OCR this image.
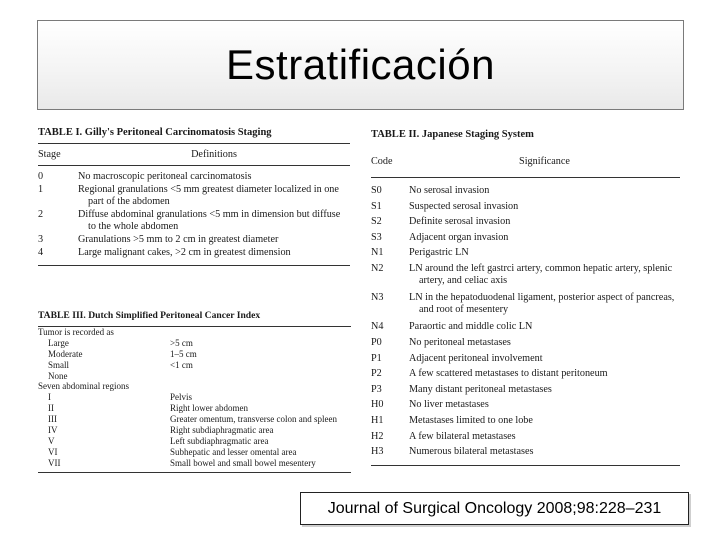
Estratificación
TABLE I. Gilly's Peritoneal Carcinomatosis Staging
Stage	Definitions
0	No macroscopic peritoneal carcinomatosis
1	Regional granulations <5 mm greatest diameter localized in one part of the abdomen
2	Diffuse abdominal granulations <5 mm in dimension but diffuse to the whole abdomen
3	Granulations >5 mm to 2 cm in greatest diameter
4	Large malignant cakes, >2 cm in greatest dimension
TABLE II. Japanese Staging System
Code	Significance
S0	No serosal invasion
S1	Suspected serosal invasion
S2	Definite serosal invasion
S3	Adjacent organ invasion
N1	Perigastric LN
N2	LN around the left gastrci artery, common hepatic artery, splenic artery, and celiac axis
N3	LN in the hepatoduodenal ligament, posterior aspect of pancreas, and root of mesentery
N4	Paraortic and middle colic LN
P0	No peritoneal metastases
P1	Adjacent peritoneal involvement
P2	A few scattered metastases to distant peritoneum
P3	Many distant peritoneal metastases
H0	No liver metastases
H1	Metastases limited to one lobe
H2	A few bilateral metastases
H3	Numerous bilateral metastases
TABLE III. Dutch Simplified Peritoneal Cancer Index
Tumor is recorded as
Large	>5 cm
Moderate	1–5 cm
Small	<1 cm
None
Seven abdominal regions
I	Pelvis
II	Right lower abdomen
III	Greater omentum, transverse colon and spleen
IV	Right subdiaphragmatic area
V	Left subdiaphragmatic area
VI	Subhepatic and lesser omental area
VII	Small bowel and small bowel mesentery
Journal of Surgical Oncology 2008;98:228–231
